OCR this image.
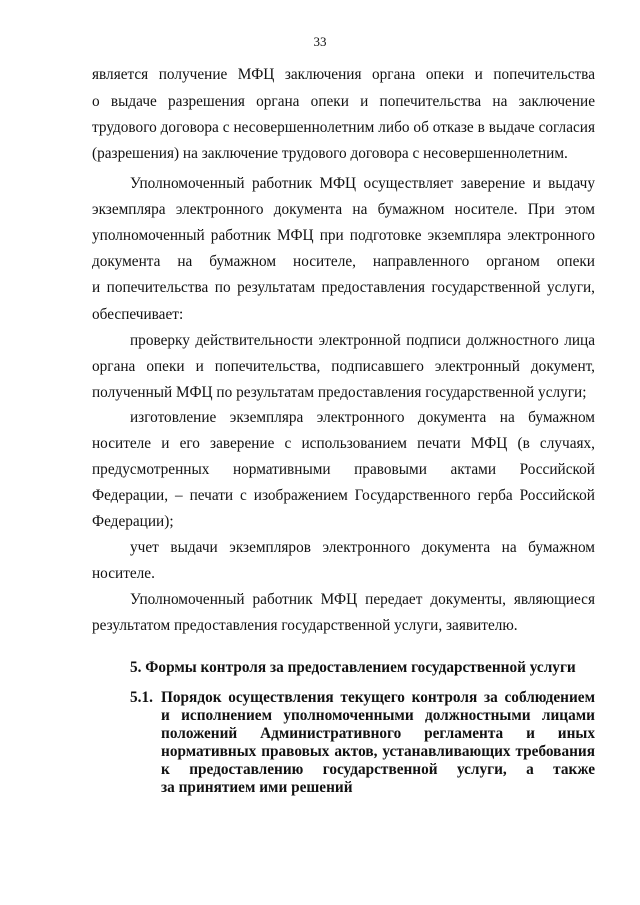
33
является получение МФЦ заключения органа опеки и попечительства
о выдаче разрешения органа опеки и попечительства на заключение
трудового договора с несовершеннолетним либо об отказе в выдаче согласия
(разрешения) на заключение трудового договора с несовершеннолетним.
Уполномоченный работник МФЦ осуществляет заверение и выдачу
экземпляра электронного документа на бумажном носителе. При этом
уполномоченный работник МФЦ при подготовке экземпляра электронного
документа на бумажном носителе, направленного органом опеки
и попечительства по результатам предоставления государственной услуги,
обеспечивает:
проверку действительности электронной подписи должностного лица
органа опеки и попечительства, подписавшего электронный документ,
полученный МФЦ по результатам предоставления государственной услуги;
изготовление экземпляра электронного документа на бумажном
носителе и его заверение с использованием печати МФЦ (в случаях,
предусмотренных нормативными правовыми актами Российской
Федерации, – печати с изображением Государственного герба Российской
Федерации);
учет выдачи экземпляров электронного документа на бумажном
носителе.
Уполномоченный работник МФЦ передает документы, являющиеся
результатом предоставления государственной услуги, заявителю.
5. Формы контроля за предоставлением государственной услуги
5.1. Порядок осуществления текущего контроля за соблюдением
и исполнением уполномоченными должностными лицами
положений Административного регламента и иных
нормативных правовых актов, устанавливающих требования
к предоставлению государственной услуги, а также
за принятием ими решений
